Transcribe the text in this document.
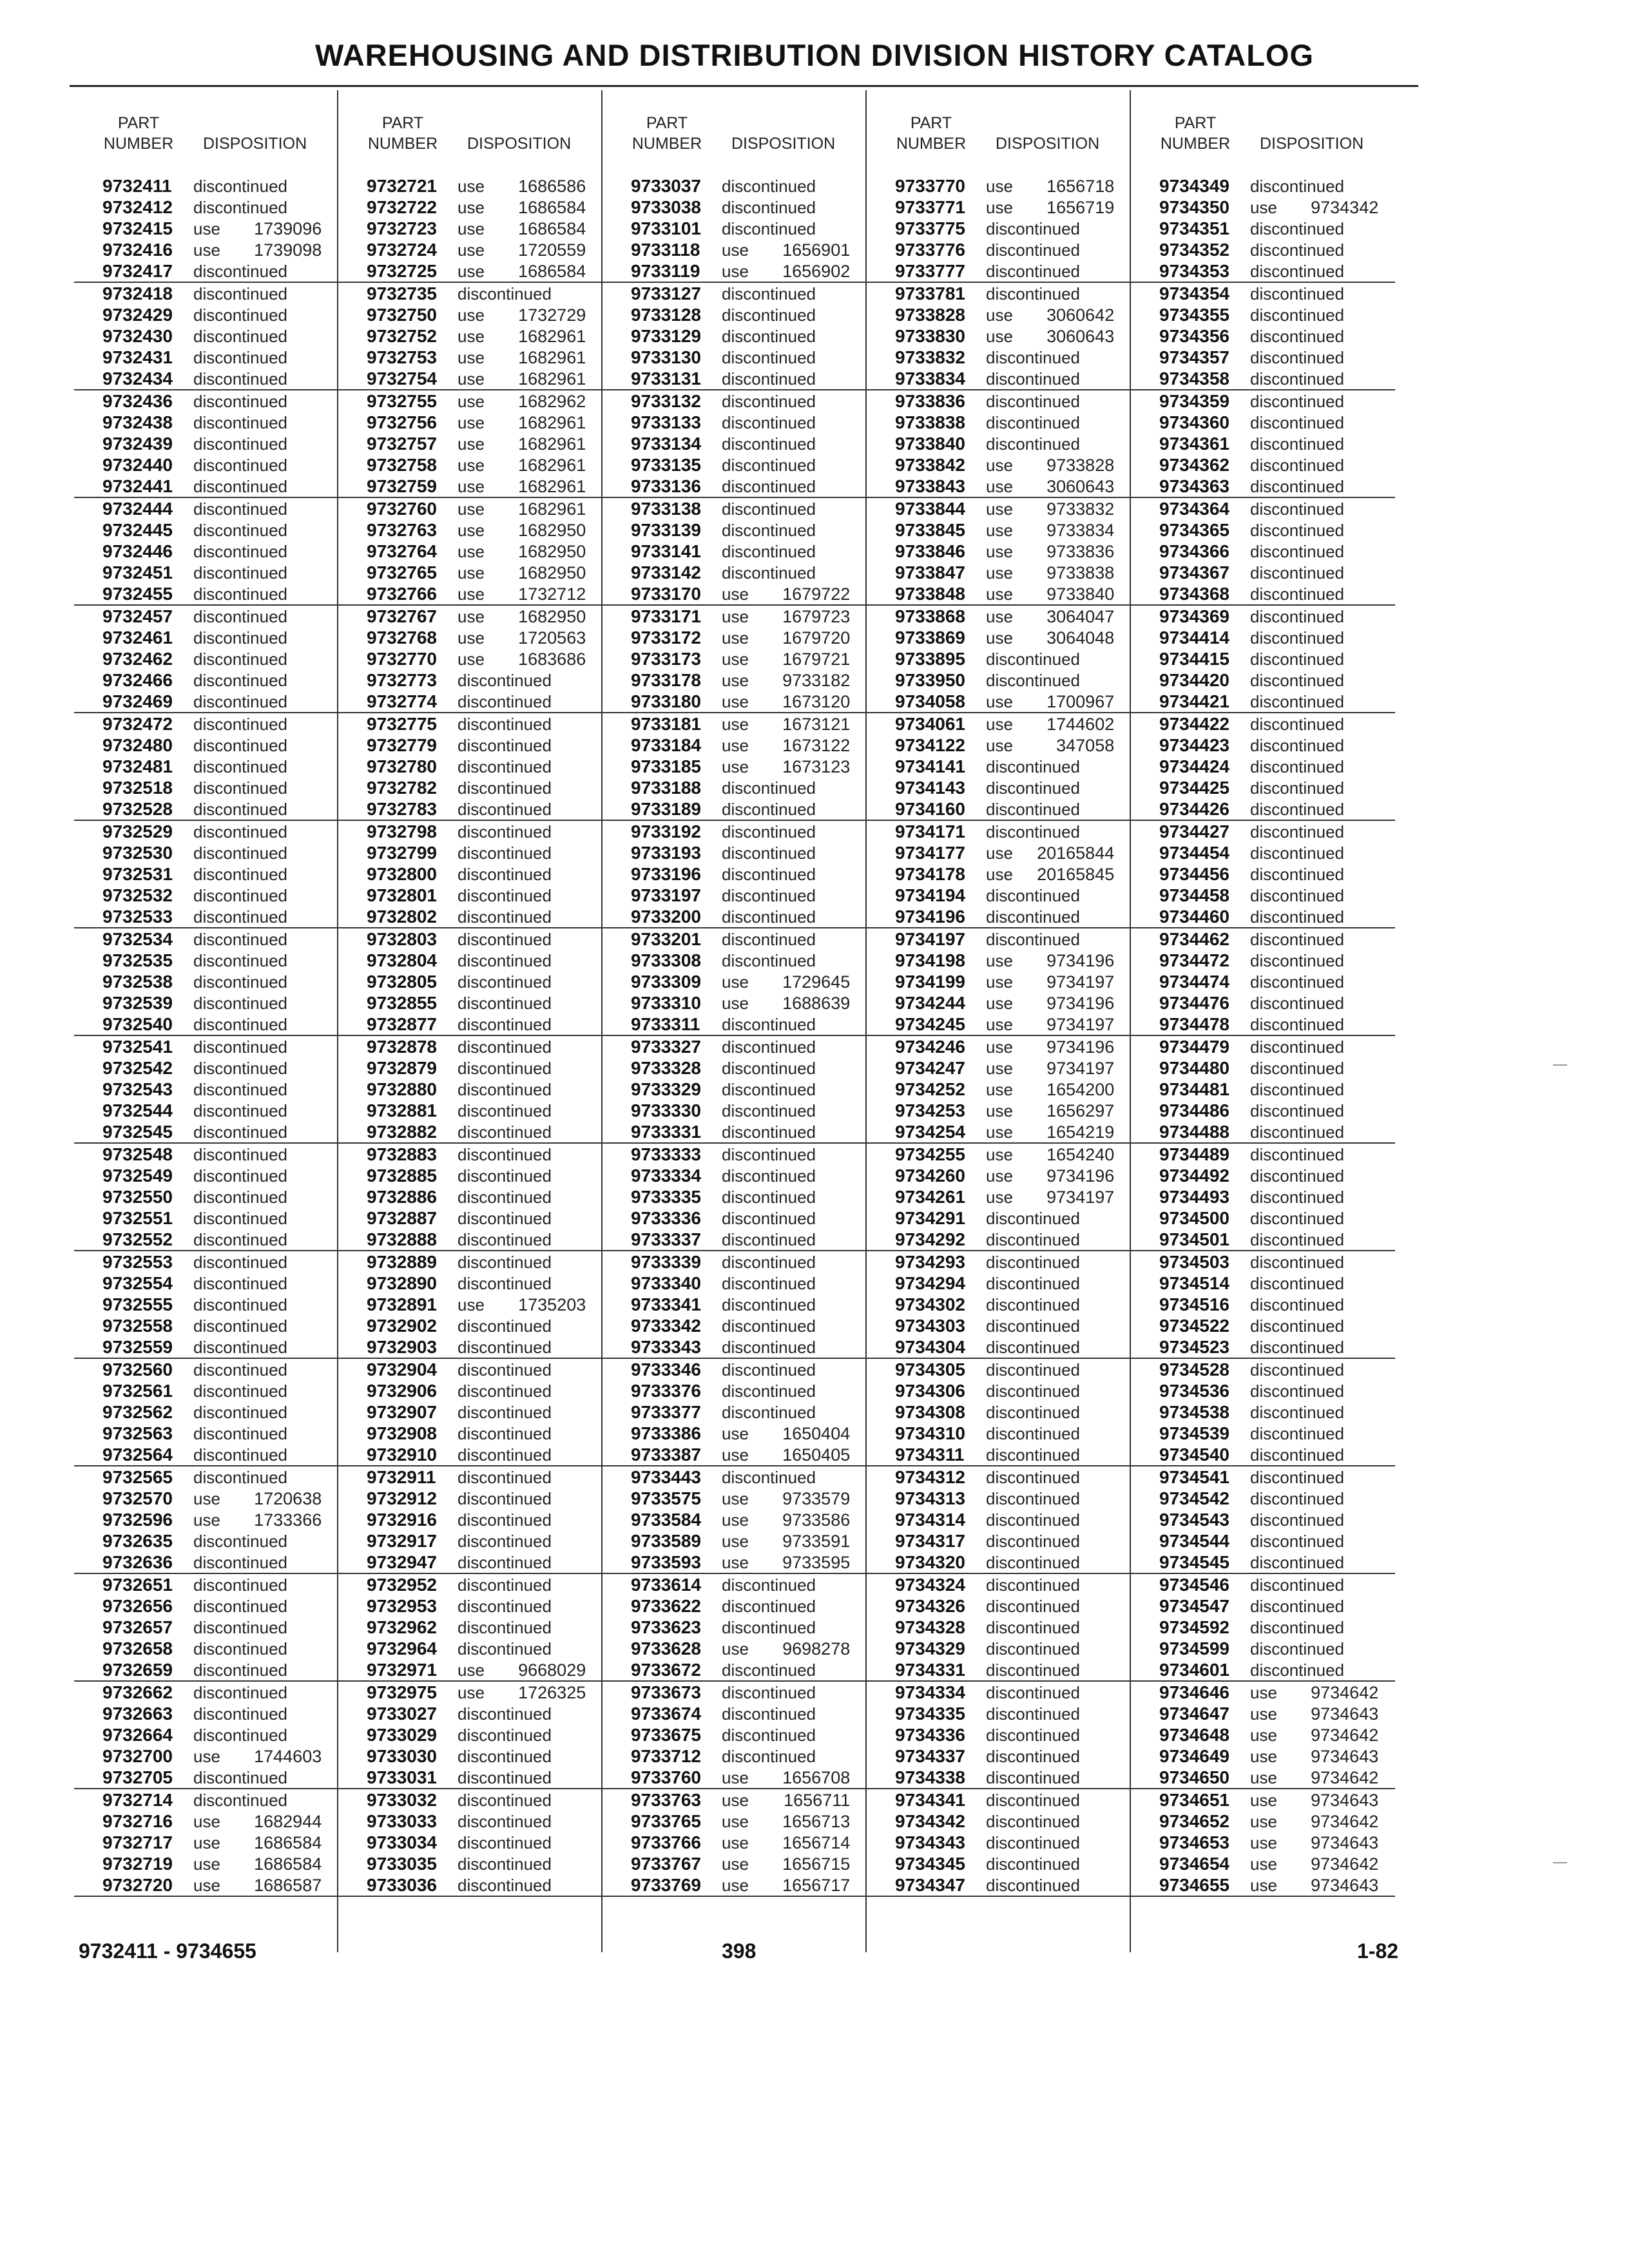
WAREHOUSING AND DISTRIBUTION DIVISION HISTORY CATALOG
PART
NUMBER	DISPOSITION
PART
NUMBER	DISPOSITION
PART
NUMBER	DISPOSITION
PART
NUMBER	DISPOSITION
PART
NUMBER	DISPOSITION
9732411 discontinued
9732412 discontinued
9732415 use 1739096
9732416 use 1739098
9732417 discontinued
9732418 discontinued
9732429 discontinued
9732430 discontinued
9732431 discontinued
9732434 discontinued
9732436 discontinued
9732438 discontinued
9732439 discontinued
9732440 discontinued
9732441 discontinued
9732444 discontinued
9732445 discontinued
9732446 discontinued
9732451 discontinued
9732455 discontinued
9732457 discontinued
9732461 discontinued
9732462 discontinued
9732466 discontinued
9732469 discontinued
9732472 discontinued
9732480 discontinued
9732481 discontinued
9732518 discontinued
9732528 discontinued
9732529 discontinued
9732530 discontinued
9732531 discontinued
9732532 discontinued
9732533 discontinued
9732534 discontinued
9732535 discontinued
9732538 discontinued
9732539 discontinued
9732540 discontinued
9732541 discontinued
9732542 discontinued
9732543 discontinued
9732544 discontinued
9732545 discontinued
9732548 discontinued
9732549 discontinued
9732550 discontinued
9732551 discontinued
9732552 discontinued
9732553 discontinued
9732554 discontinued
9732555 discontinued
9732558 discontinued
9732559 discontinued
9732560 discontinued
9732561 discontinued
9732562 discontinued
9732563 discontinued
9732564 discontinued
9732565 discontinued
9732570 use 1720638
9732596 use 1733366
9732635 discontinued
9732636 discontinued
9732651 discontinued
9732656 discontinued
9732657 discontinued
9732658 discontinued
9732659 discontinued
9732662 discontinued
9732663 discontinued
9732664 discontinued
9732700 use 1744603
9732705 discontinued
9732714 discontinued
9732716 use 1682944
9732717 use 1686584
9732719 use 1686584
9732720 use 1686587
9732721 use 1686586
9732722 use 1686584
9732723 use 1686584
9732724 use 1720559
9732725 use 1686584
9732735 discontinued
9732750 use 1732729
9732752 use 1682961
9732753 use 1682961
9732754 use 1682961
9732755 use 1682962
9732756 use 1682961
9732757 use 1682961
9732758 use 1682961
9732759 use 1682961
9732760 use 1682961
9732763 use 1682950
9732764 use 1682950
9732765 use 1682950
9732766 use 1732712
9732767 use 1682950
9732768 use 1720563
9732770 use 1683686
9732773 discontinued
9732774 discontinued
9732775 discontinued
9732779 discontinued
9732780 discontinued
9732782 discontinued
9732783 discontinued
9732798 discontinued
9732799 discontinued
9732800 discontinued
9732801 discontinued
9732802 discontinued
9732803 discontinued
9732804 discontinued
9732805 discontinued
9732855 discontinued
9732877 discontinued
9732878 discontinued
9732879 discontinued
9732880 discontinued
9732881 discontinued
9732882 discontinued
9732883 discontinued
9732885 discontinued
9732886 discontinued
9732887 discontinued
9732888 discontinued
9732889 discontinued
9732890 discontinued
9732891 use 1735203
9732902 discontinued
9732903 discontinued
9732904 discontinued
9732906 discontinued
9732907 discontinued
9732908 discontinued
9732910 discontinued
9732911 discontinued
9732912 discontinued
9732916 discontinued
9732917 discontinued
9732947 discontinued
9732952 discontinued
9732953 discontinued
9732962 discontinued
9732964 discontinued
9732971 use 9668029
9732975 use 1726325
9733027 discontinued
9733029 discontinued
9733030 discontinued
9733031 discontinued
9733032 discontinued
9733033 discontinued
9733034 discontinued
9733035 discontinued
9733036 discontinued
9733037 discontinued
9733038 discontinued
9733101 discontinued
9733118 use 1656901
9733119 use 1656902
9733127 discontinued
9733128 discontinued
9733129 discontinued
9733130 discontinued
9733131 discontinued
9733132 discontinued
9733133 discontinued
9733134 discontinued
9733135 discontinued
9733136 discontinued
9733138 discontinued
9733139 discontinued
9733141 discontinued
9733142 discontinued
9733170 use 1679722
9733171 use 1679723
9733172 use 1679720
9733173 use 1679721
9733178 use 9733182
9733180 use 1673120
9733181 use 1673121
9733184 use 1673122
9733185 use 1673123
9733188 discontinued
9733189 discontinued
9733192 discontinued
9733193 discontinued
9733196 discontinued
9733197 discontinued
9733200 discontinued
9733201 discontinued
9733308 discontinued
9733309 use 1729645
9733310 use 1688639
9733311 discontinued
9733327 discontinued
9733328 discontinued
9733329 discontinued
9733330 discontinued
9733331 discontinued
9733333 discontinued
9733334 discontinued
9733335 discontinued
9733336 discontinued
9733337 discontinued
9733339 discontinued
9733340 discontinued
9733341 discontinued
9733342 discontinued
9733343 discontinued
9733346 discontinued
9733376 discontinued
9733377 discontinued
9733386 use 1650404
9733387 use 1650405
9733443 discontinued
9733575 use 9733579
9733584 use 9733586
9733589 use 9733591
9733593 use 9733595
9733614 discontinued
9733622 discontinued
9733623 discontinued
9733628 use 9698278
9733672 discontinued
9733673 discontinued
9733674 discontinued
9733675 discontinued
9733712 discontinued
9733760 use 1656708
9733763 use 1656711
9733765 use 1656713
9733766 use 1656714
9733767 use 1656715
9733769 use 1656717
9733770 use 1656718
9733771 use 1656719
9733775 discontinued
9733776 discontinued
9733777 discontinued
9733781 discontinued
9733828 use 3060642
9733830 use 3060643
9733832 discontinued
9733834 discontinued
9733836 discontinued
9733838 discontinued
9733840 discontinued
9733842 use 9733828
9733843 use 3060643
9733844 use 9733832
9733845 use 9733834
9733846 use 9733836
9733847 use 9733838
9733848 use 9733840
9733868 use 3064047
9733869 use 3064048
9733895 discontinued
9733950 discontinued
9734058 use 1700967
9734061 use 1744602
9734122 use 347058
9734141 discontinued
9734143 discontinued
9734160 discontinued
9734171 discontinued
9734177 use 20165844
9734178 use 20165845
9734194 discontinued
9734196 discontinued
9734197 discontinued
9734198 use 9734196
9734199 use 9734197
9734244 use 9734196
9734245 use 9734197
9734246 use 9734196
9734247 use 9734197
9734252 use 1654200
9734253 use 1656297
9734254 use 1654219
9734255 use 1654240
9734260 use 9734196
9734261 use 9734197
9734291 discontinued
9734292 discontinued
9734293 discontinued
9734294 discontinued
9734302 discontinued
9734303 discontinued
9734304 discontinued
9734305 discontinued
9734306 discontinued
9734308 discontinued
9734310 discontinued
9734311 discontinued
9734312 discontinued
9734313 discontinued
9734314 discontinued
9734317 discontinued
9734320 discontinued
9734324 discontinued
9734326 discontinued
9734328 discontinued
9734329 discontinued
9734331 discontinued
9734334 discontinued
9734335 discontinued
9734336 discontinued
9734337 discontinued
9734338 discontinued
9734341 discontinued
9734342 discontinued
9734343 discontinued
9734345 discontinued
9734347 discontinued
9734349 discontinued
9734350 use 9734342
9734351 discontinued
9734352 discontinued
9734353 discontinued
9734354 discontinued
9734355 discontinued
9734356 discontinued
9734357 discontinued
9734358 discontinued
9734359 discontinued
9734360 discontinued
9734361 discontinued
9734362 discontinued
9734363 discontinued
9734364 discontinued
9734365 discontinued
9734366 discontinued
9734367 discontinued
9734368 discontinued
9734369 discontinued
9734414 discontinued
9734415 discontinued
9734420 discontinued
9734421 discontinued
9734422 discontinued
9734423 discontinued
9734424 discontinued
9734425 discontinued
9734426 discontinued
9734427 discontinued
9734454 discontinued
9734456 discontinued
9734458 discontinued
9734460 discontinued
9734462 discontinued
9734472 discontinued
9734474 discontinued
9734476 discontinued
9734478 discontinued
9734479 discontinued
9734480 discontinued
9734481 discontinued
9734486 discontinued
9734488 discontinued
9734489 discontinued
9734492 discontinued
9734493 discontinued
9734500 discontinued
9734501 discontinued
9734503 discontinued
9734514 discontinued
9734516 discontinued
9734522 discontinued
9734523 discontinued
9734528 discontinued
9734536 discontinued
9734538 discontinued
9734539 discontinued
9734540 discontinued
9734541 discontinued
9734542 discontinued
9734543 discontinued
9734544 discontinued
9734545 discontinued
9734546 discontinued
9734547 discontinued
9734592 discontinued
9734599 discontinued
9734601 discontinued
9734646 use 9734642
9734647 use 9734643
9734648 use 9734642
9734649 use 9734643
9734650 use 9734642
9734651 use 9734643
9734652 use 9734642
9734653 use 9734643
9734654 use 9734642
9734655 use 9734643
9732411 - 9734655	398	1-82
